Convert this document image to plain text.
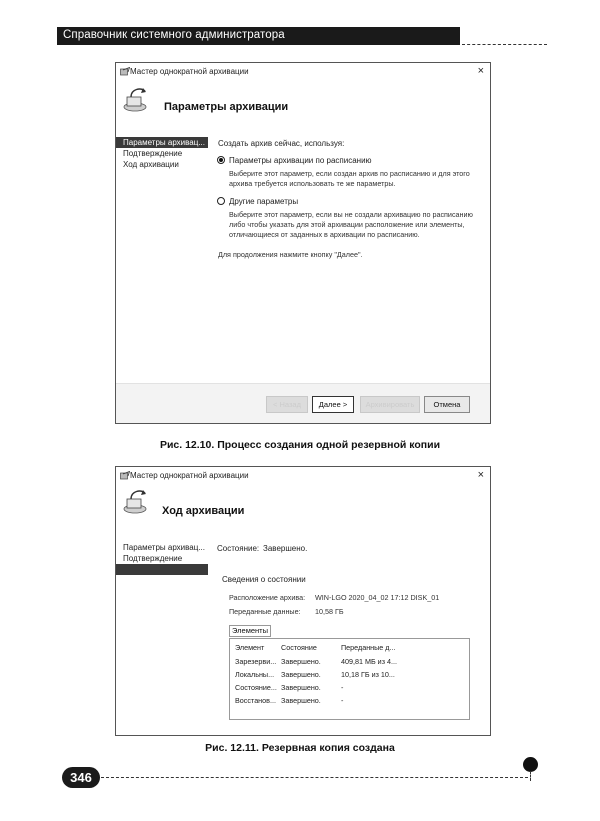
Справочник системного администратора
Мастер однократной архивации	×
Параметры архивации
Параметры архивац...
Подтверждение
Ход архивации
Создать архив сейчас, используя:
Параметры архивации по расписанию
Выберите этот параметр, если создан архив по расписанию и для этого
архива требуется использовать те же параметры.
Другие параметры
Выберите этот параметр, если вы не создали архивацию по расписанию
либо чтобы указать для этой архивации расположение или элементы,
отличающиеся от заданных в архивации по расписанию.
Для продолжения нажмите кнопку "Далее".
< Назад	Далее >	Архивировать	Отмена
Рис. 12.10. Процесс создания одной резервной копии
Мастер однократной архивации	×
Ход архивации
Параметры архивац...
Подтверждение
Состояние: Завершено.
Сведения о состоянии
Расположение архива: WIN-LGO 2020_04_02 17:12 DISK_01
Переданные данные: 10,58 ГБ
Элементы
Элемент	Состояние	Переданные д...
Зарезерви... Завершено.	409,81 МБ из 4...
Локальны... Завершено.	10,18 ГБ из 10...
Состояние... Завершено.	-
Восстанов... Завершено.	-
Рис. 12.11. Резервная копия создана
346
